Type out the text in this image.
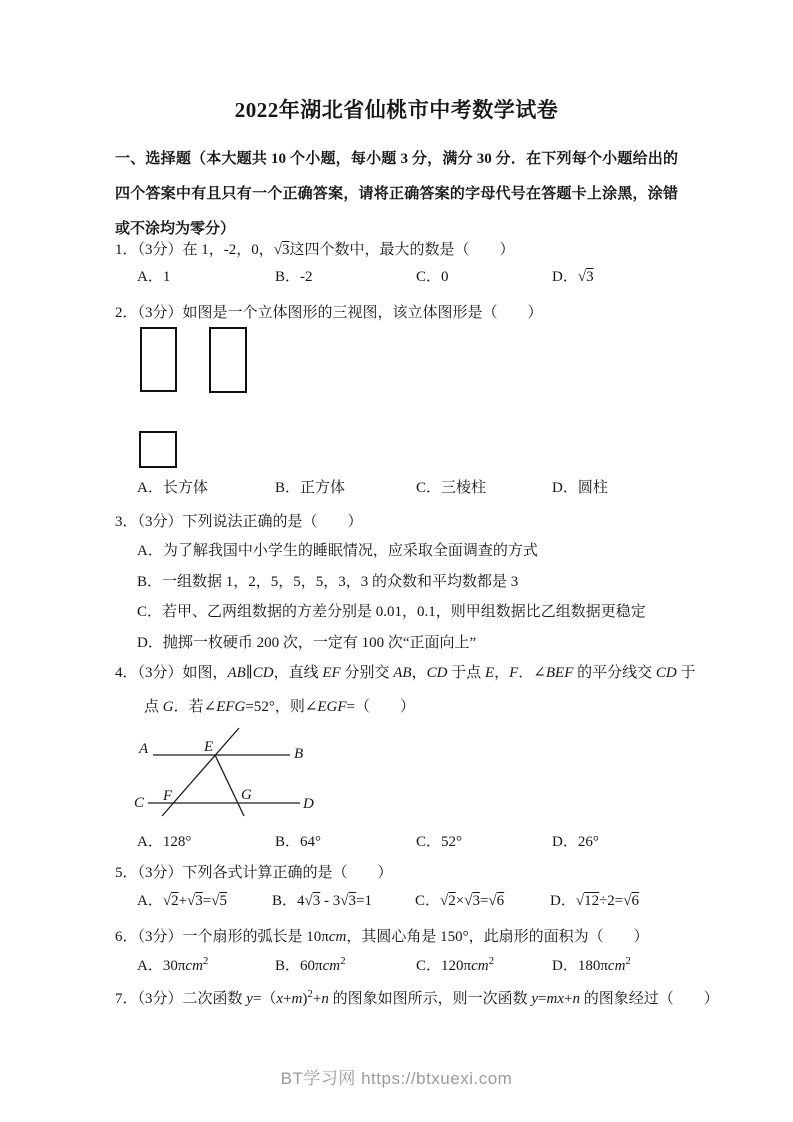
2022年湖北省仙桃市中考数学试卷

一、选择题（本大题共 10 个小题，每小题 3 分，满分 30 分．在下列每个小题给出的四个答案中有且只有一个正确答案，请将正确答案的字母代号在答题卡上涂黑，涂错或不涂均为零分）

1．（3分）在 1，-2，0，√3这四个数中，最大的数是（　　）

A．1	B．-2	C．0	D．√3

2．（3分）如图是一个立体图形的三视图，该立体图形是（　　）

A．长方体	B．正方体	C．三棱柱	D．圆柱

3．（3分）下列说法正确的是（　　）

A．为了解我国中小学生的睡眠情况，应采取全面调查的方式

B．一组数据 1，2，5，5，5，3，3 的众数和平均数都是 3

C．若甲、乙两组数据的方差分别是 0.01，0.1，则甲组数据比乙组数据更稳定

D．抛掷一枚硬币 200 次，一定有 100 次“正面向上”

4．（3分）如图，AB∥CD，直线 EF 分别交 AB，CD 于点 E，F．∠BEF 的平分线交 CD 于

点 G．若∠EFG=52°，则∠EGF=（　　）

A	E	B
C F	G
D
A．128°	B．64°	C．52°	D．26°

5．（3分）下列各式计算正确的是（　　）

A．√2+√3=√5	B．4√3 - 3√3=1	C．√2×√3=√6	D．√12÷2=√6

6．（3分）一个扇形的弧长是 10πcm，其圆心角是 150°，此扇形的面积为（　　）

A．30πcm$^2$	B．60πcm$^2$	C．120πcm$^2$	D．180πcm$^2$

7．（3分）二次函数 y=（x+m)$^2$+n 的图象如图所示，则一次函数 y=mx+n 的图象经过（　　）

BT学习网 https://btxuexi.com
